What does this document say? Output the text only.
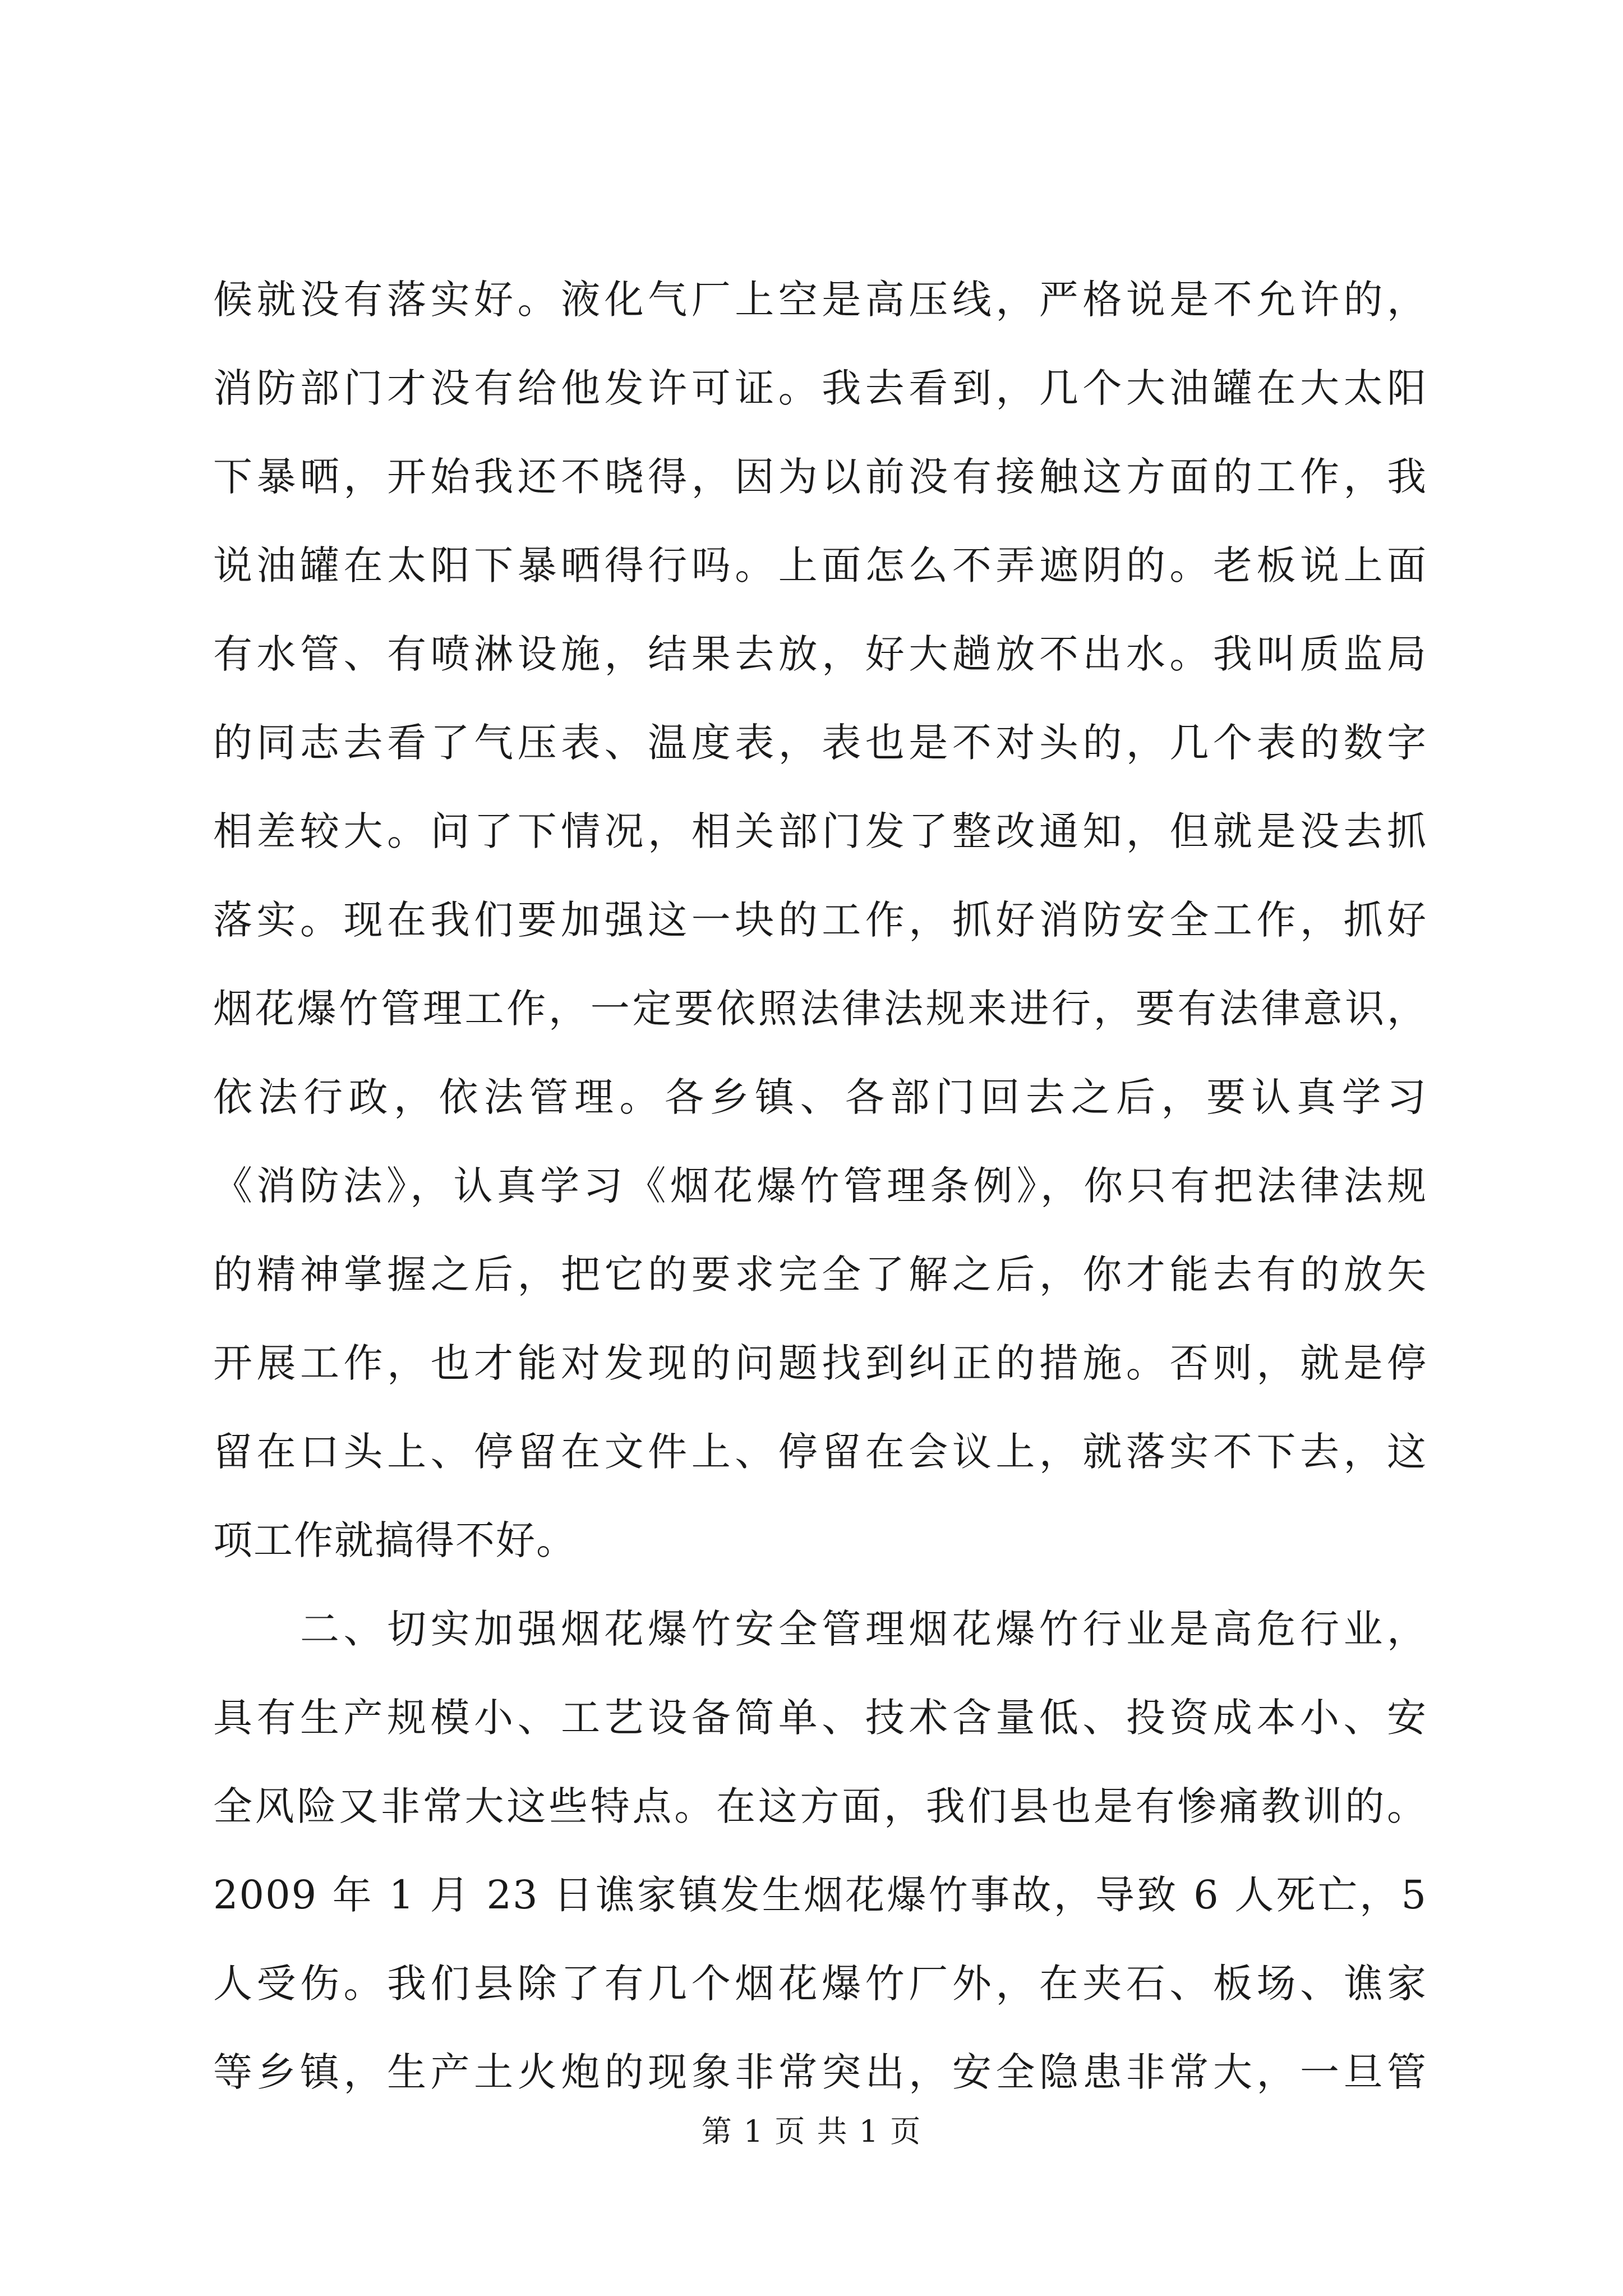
候就没有落实好。液化气厂上空是高压线，严格说是不允许的，
消防部门才没有给他发许可证。我去看到，几个大油罐在大太阳
下暴晒，开始我还不晓得，因为以前没有接触这方面的工作，我
说油罐在太阳下暴晒得行吗。上面怎么不弄遮阴的。老板说上面
有水管、有喷淋设施，结果去放，好大趟放不出水。我叫质监局
的同志去看了气压表、温度表，表也是不对头的，几个表的数字
相差较大。问了下情况，相关部门发了整改通知，但就是没去抓
落实。现在我们要加强这一块的工作，抓好消防安全工作，抓好
烟花爆竹管理工作，一定要依照法律法规来进行，要有法律意识，
依法行政，依法管理。各乡镇、各部门回去之后，要认真学习
《消防法》，认真学习《烟花爆竹管理条例》，你只有把法律法规
的精神掌握之后，把它的要求完全了解之后，你才能去有的放矢
开展工作，也才能对发现的问题找到纠正的措施。否则，就是停
留在口头上、停留在文件上、停留在会议上，就落实不下去，这
项工作就搞得不好。
　　二、切实加强烟花爆竹安全管理烟花爆竹行业是高危行业，
具有生产规模小、工艺设备简单、技术含量低、投资成本小、安
全风险又非常大这些特点。在这方面，我们县也是有惨痛教训的。
2009 年 1 月 23 日谯家镇发生烟花爆竹事故，导致 6 人死亡，5
人受伤。我们县除了有几个烟花爆竹厂外，在夹石、板场、谯家
等乡镇，生产土火炮的现象非常突出，安全隐患非常大，一旦管
第 1 页 共 1 页
